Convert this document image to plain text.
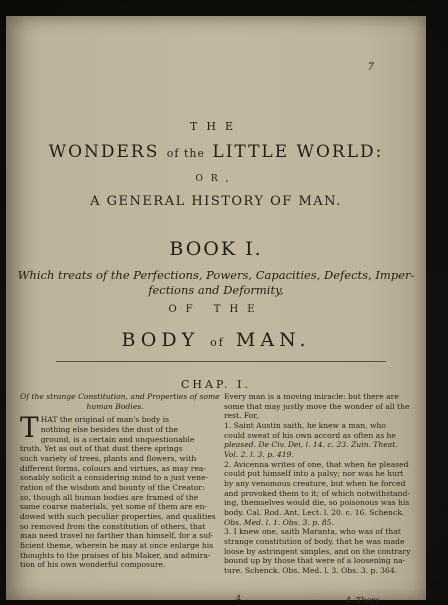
7
THE
WONDERS of the LITTLE WORLD:
OR,
A GENERAL HISTORY OF MAN.
BOOK I.
Which treats of the Perfections, Powers, Capacities, Defects, Imper-
fections and Deformity,
OF THE
BODY of MAN.
CHAP. I.
Of the strange Constitution, and Properties of some
human Bodies.
T HAT the original of man's body is
nothing else besides the dust of the
ground, is a certain and unquestionable
truth. Yet as out of that dust there springs
such variety of trees, plants and flowers, with
different forms, colours and virtues, as may rea-
sonably solicit a considering mind to a just vene-
ration of the wisdom and bounty of the Creator:
so, though all human bodies are framed of the
same coarse materials, yet some of them are en-
dowed with such peculiar properties, and qualities
so removed from the constitution of others, that
man need travel no farther than himself, for a suf-
ficient theme, wherein he may at once enlarge his
thoughts to the praises of his Maker, and admira-
tion of his own wonderful composure.
Every man is a moving miracle: but there are
some that may justly move the wonder of all the
rest. For,
1. Saint Austin saith, he knew a man, who
could sweat of his own accord as often as he
pleased. De Civ. Dei, l. 14. c. 23. Zuin. Theat.
Vol. 2. l. 3. p. 419.
2. Avicenna writes of one, that when he pleased
could put himself into a palsy; nor was he hurt
by any venomous creature, but when he forced
and provoked them to it; of which notwithstand-
ing, themselves would die, so poisonous was his
body. Cal. Rod. Ant. Lect. l. 20. c. 16. Schenck.
Obs. Med. l. 1. Obs. 3. p. 85.
3. I knew one, saith Maranta, who was of that
strange constitution of body, that he was made
loose by astringent simples, and on the contrary
bound up by those that were of a loosening na-
ture. Schenck. Obs. Med. l. 3. Obs. 3. p. 364.
4	4. There
